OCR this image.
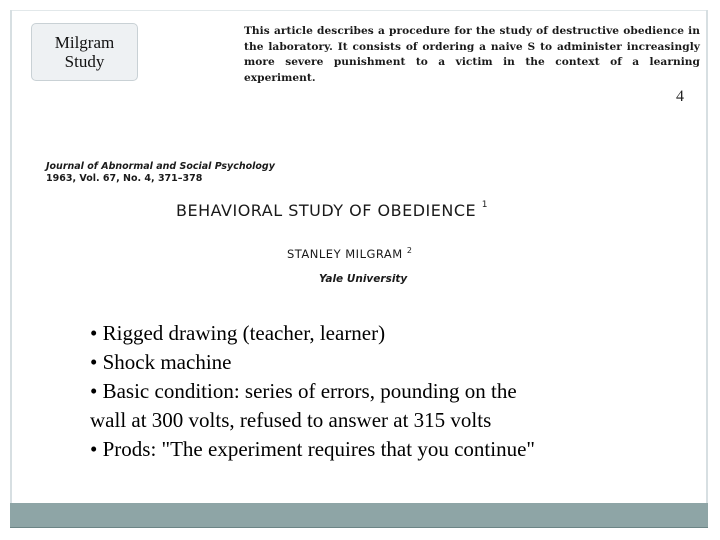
Milgram
Study
This article describes a procedure for the study of destructive obedience in the laboratory. It consists of ordering a naive S to administer increasingly more severe punishment to a victim in the context of a learning experiment.
4
Journal of Abnormal and Social Psychology
1963, Vol. 67, No. 4, 371–378
BEHAVIORAL STUDY OF OBEDIENCE $^1$
STANLEY MILGRAM $^2$
Yale University
• Rigged drawing (teacher, learner)
• Shock machine
• Basic condition: series of errors, pounding on the
wall at 300 volts, refused to answer at 315 volts
• Prods: "The experiment requires that you continue"
